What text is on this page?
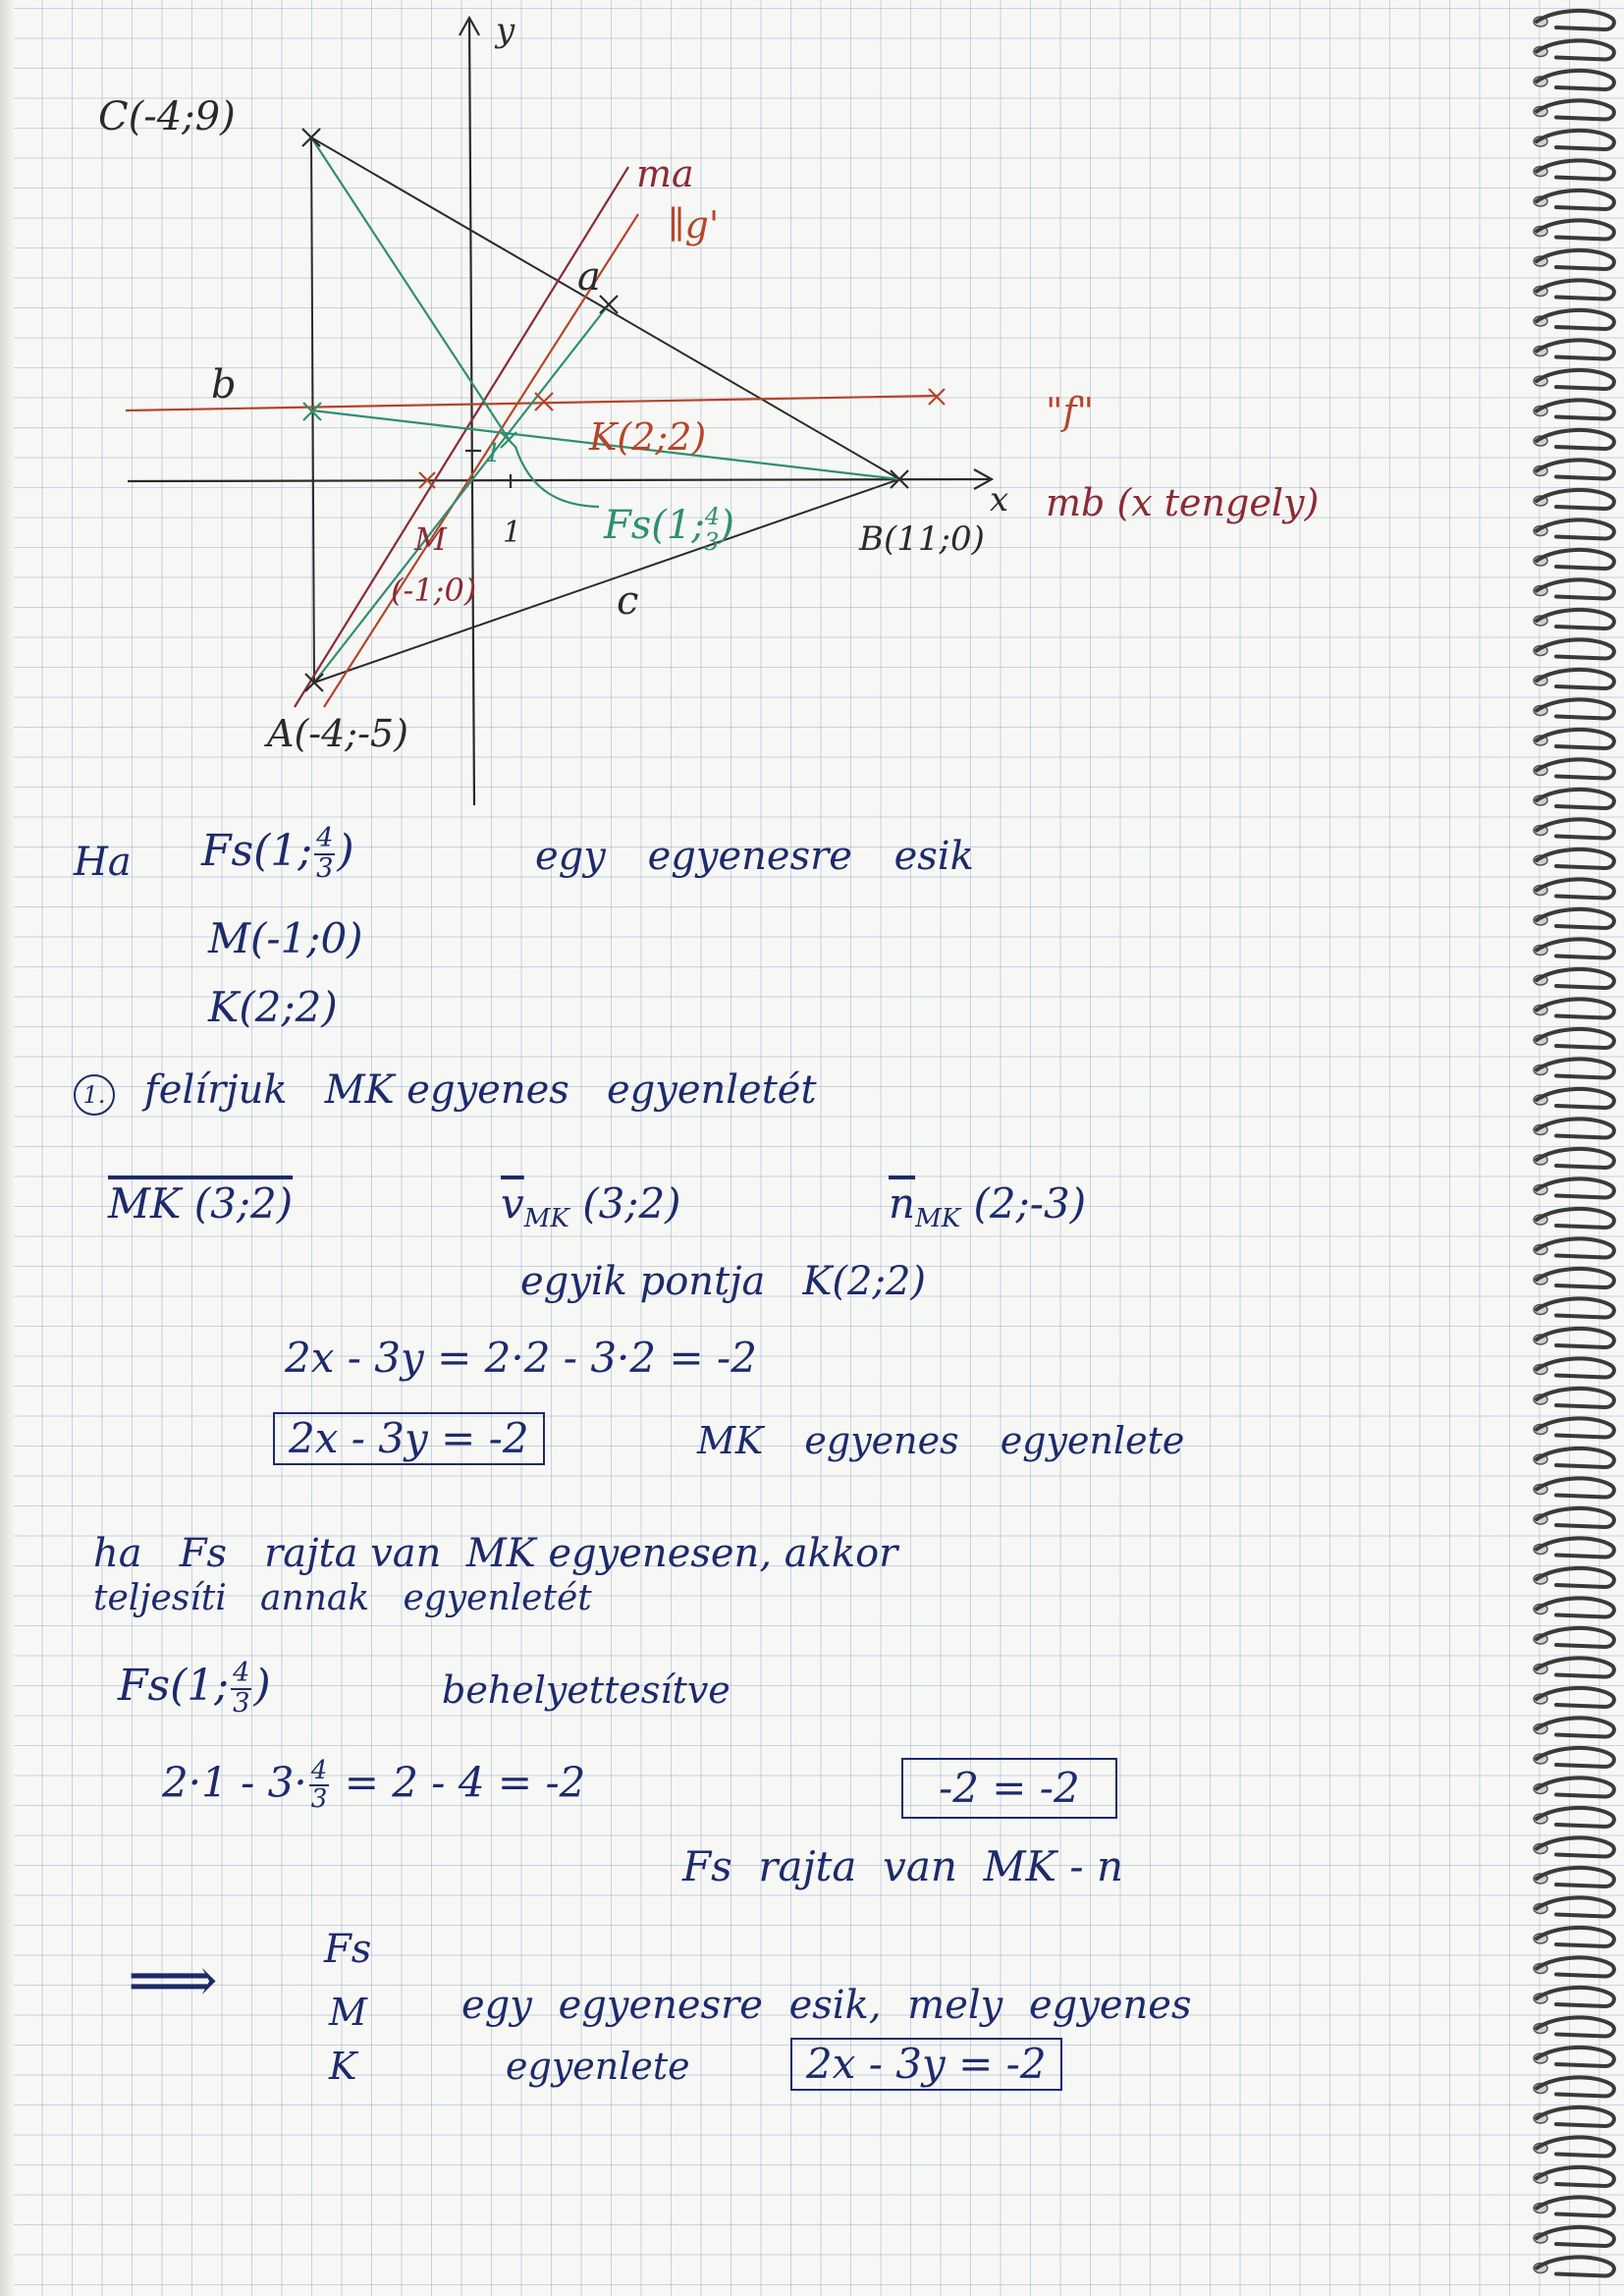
C(-4;9)
B(11;0)
A(-4;-5)
a
b
c
x
y
1
1 K(2;2)
∥g'
"f"
ma
mb (x tengely)
M
(-1;0)
Fs(1;$^4$ 3)
Ha Fs(1; $\frac{4}{3}$ )	egy egyenesre esik
M(-1;0)
K(2;2)
1. felírjuk   MK egyenes   egyenletét
MK (3;2)	$\overline{v}_{MK}$ (3;2)	$\overline{n}_{MK}$ (2;-3)
egyik pontja   K(2;2)
2x - 3y = 2·2 - 3·2 = -2
2x - 3y = -2	MK egyenes egyenlete
ha   Fs   rajta van  MK egyenesen, akkor
teljesíti   annak   egyenletét
Fs(1; $\frac{4}{3}$ )	behelyettesítve
$2\cdot 1 - 3\cdot \frac{4}{3} = 2 - 4 = -2$	-2 = -2
Fs  rajta  van  MK - n
⟹	Fs
M
K
egy egyenesre esik, mely egyenes
egyenlete	2x - 3y = -2
